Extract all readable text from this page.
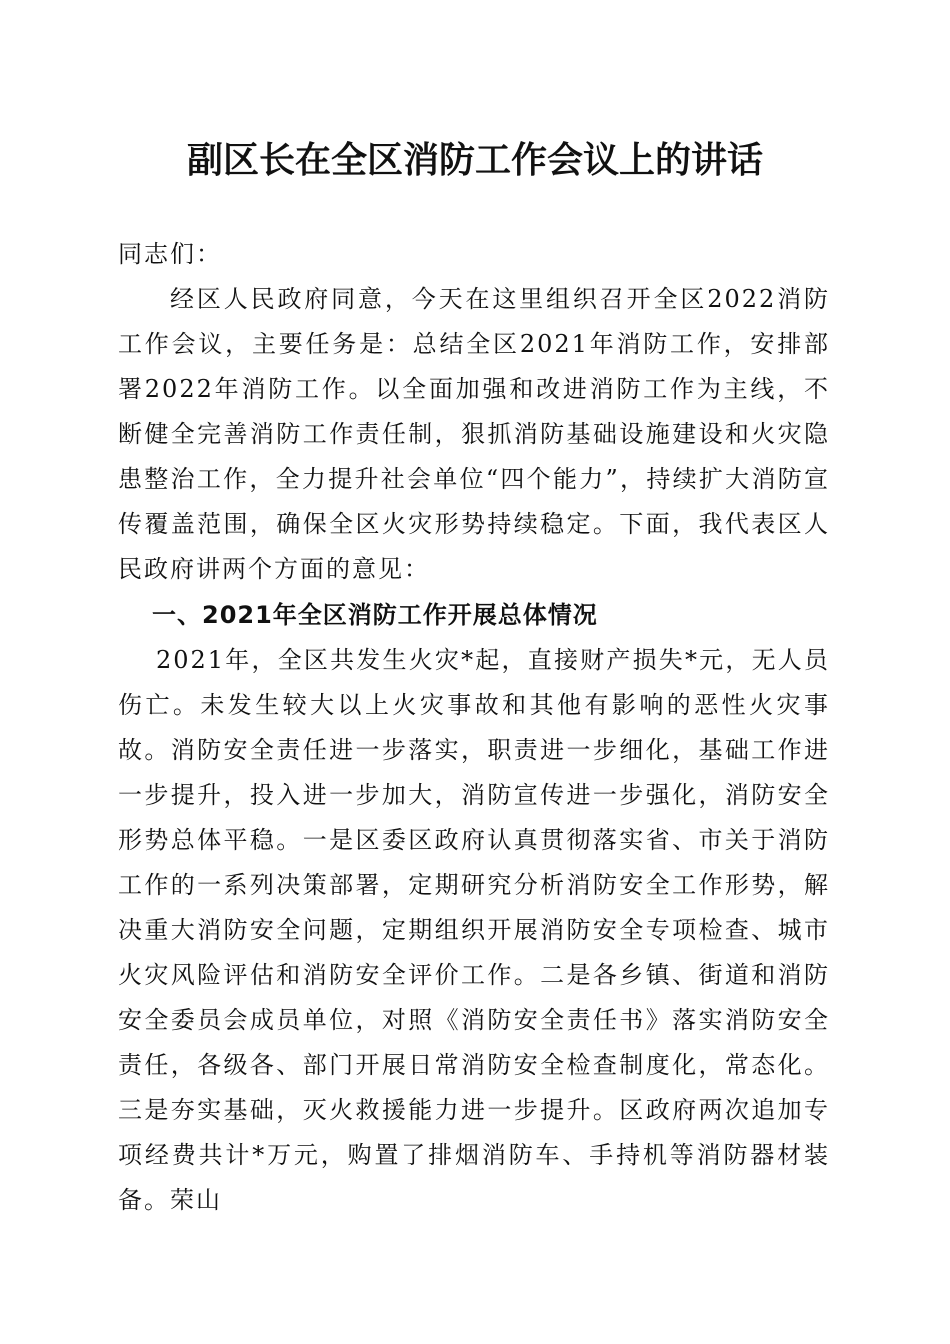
副区长在全区消防工作会议上的讲话

同志们：

经区人民政府同意，今天在这里组织召开全区2022消防工作会议，主要任务是：总结全区2021年消防工作，安排部署2022年消防工作。以全面加强和改进消防工作为主线，不断健全完善消防工作责任制，狠抓消防基础设施建设和火灾隐患整治工作，全力提升社会单位“四个能力”，持续扩大消防宣传覆盖范围，确保全区火灾形势持续稳定。下面，我代表区人民政府讲两个方面的意见：

一、2021年全区消防工作开展总体情况

2021年，全区共发生火灾*起，直接财产损失*元，无人员伤亡。未发生较大以上火灾事故和其他有影响的恶性火灾事故。消防安全责任进一步落实，职责进一步细化，基础工作进一步提升，投入进一步加大，消防宣传进一步强化，消防安全形势总体平稳。一是区委区政府认真贯彻落实省、市关于消防工作的一系列决策部署，定期研究分析消防安全工作形势，解决重大消防安全问题，定期组织开展消防安全专项检查、城市火灾风险评估和消防安全评价工作。二是各乡镇、街道和消防安全委员会成员单位，对照《消防安全责任书》落实消防安全责任，各级各、部门开展日常消防安全检查制度化，常态化。三是夯实基础，灭火救援能力进一步提升。区政府两次追加专项经费共计*万元，购置了排烟消防车、手持机等消防器材装备。荣山
